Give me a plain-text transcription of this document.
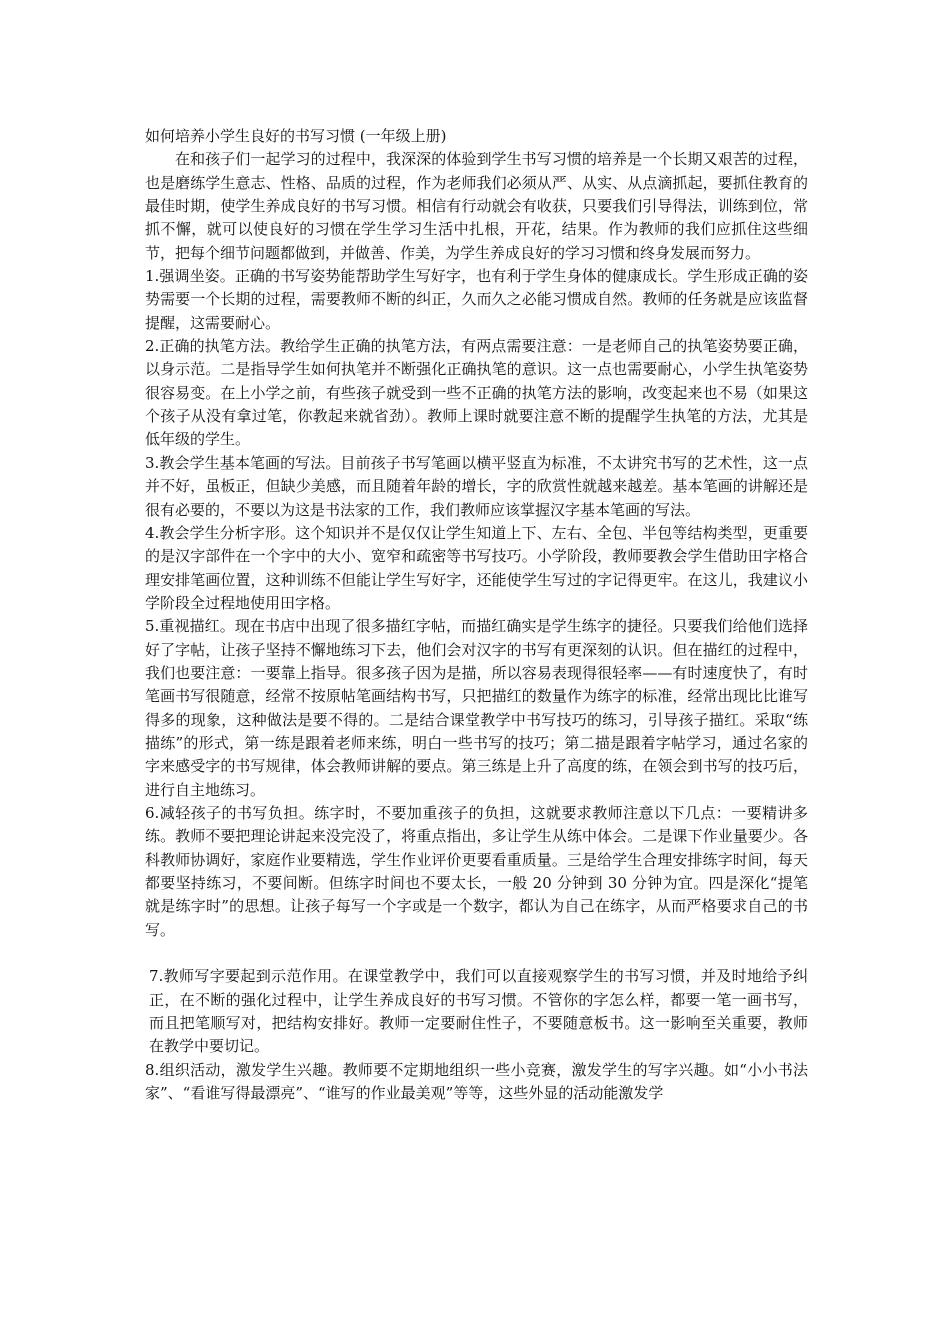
如何培养小学生良好的书写习惯 (一年级上册)

在和孩子们一起学习的过程中，我深深的体验到学生书写习惯的培养是一个长期又艰苦的过程，也是磨练学生意志、性格、品质的过程，作为老师我们必须从严、从实、从点滴抓起，要抓住教育的最佳时期，使学生养成良好的书写习惯。相信有行动就会有收获，只要我们引导得法，训练到位，常抓不懈，就可以使良好的习惯在学生学习生活中扎根，开花，结果。作为教师的我们应抓住这些细节，把每个细节问题都做到，并做善、作美，为学生养成良好的学习习惯和终身发展而努力。

1.强调坐姿。正确的书写姿势能帮助学生写好字，也有利于学生身体的健康成长。学生形成正确的姿势需要一个长期的过程，需要教师不断的纠正，久而久之必能习惯成自然。教师的任务就是应该监督提醒，这需要耐心。

2.正确的执笔方法。教给学生正确的执笔方法，有两点需要注意：一是老师自己的执笔姿势要正确，以身示范。二是指导学生如何执笔并不断强化正确执笔的意识。这一点也需要耐心，小学生执笔姿势很容易变。在上小学之前，有些孩子就受到一些不正确的执笔方法的影响，改变起来也不易（如果这个孩子从没有拿过笔，你教起来就省劲）。教师上课时就要注意不断的提醒学生执笔的方法，尤其是低年级的学生。

3.教会学生基本笔画的写法。目前孩子书写笔画以横平竖直为标准，不太讲究书写的艺术性，这一点并不好，虽板正，但缺少美感，而且随着年龄的增长，字的欣赏性就越来越差。基本笔画的讲解还是很有必要的，不要以为这是书法家的工作，我们教师应该掌握汉字基本笔画的写法。

4.教会学生分析字形。这个知识并不是仅仅让学生知道上下、左右、全包、半包等结构类型，更重要的是汉字部件在一个字中的大小、宽窄和疏密等书写技巧。小学阶段，教师要教会学生借助田字格合理安排笔画位置，这种训练不但能让学生写好字，还能使学生写过的字记得更牢。在这儿，我建议小学阶段全过程地使用田字格。

5.重视描红。现在书店中出现了很多描红字帖，而描红确实是学生练字的捷径。只要我们给他们选择好了字帖，让孩子坚持不懈地练习下去，他们会对汉字的书写有更深刻的认识。但在描红的过程中，我们也要注意：一要靠上指导。很多孩子因为是描，所以容易表现得很轻率——有时速度快了，有时笔画书写很随意，经常不按原帖笔画结构书写，只把描红的数量作为练字的标准，经常出现比比谁写得多的现象，这种做法是要不得的。二是结合课堂教学中书写技巧的练习，引导孩子描红。采取“练描练”的形式，第一练是跟着老师来练，明白一些书写的技巧；第二描是跟着字帖学习，通过名家的字来感受字的书写规律，体会教师讲解的要点。第三练是上升了高度的练，在领会到书写的技巧后，进行自主地练习。

6.减轻孩子的书写负担。练字时，不要加重孩子的负担，这就要求教师注意以下几点：一要精讲多练。教师不要把理论讲起来没完没了，将重点指出，多让学生从练中体会。二是课下作业量要少。各科教师协调好，家庭作业要精选，学生作业评价更要看重质量。三是给学生合理安排练字时间，每天都要坚持练习，不要间断。但练字时间也不要太长，一般 20 分钟到 30 分钟为宜。四是深化“提笔就是练字时”的思想。让孩子每写一个字或是一个数字，都认为自己在练字，从而严格要求自己的书写。

7.教师写字要起到示范作用。在课堂教学中，我们可以直接观察学生的书写习惯，并及时地给予纠正，在不断的强化过程中，让学生养成良好的书写习惯。不管你的字怎么样，都要一笔一画书写，而且把笔顺写对，把结构安排好。教师一定要耐住性子，不要随意板书。这一影响至关重要，教师在教学中要切记。

8.组织活动，激发学生兴趣。教师要不定期地组织一些小竞赛，激发学生的写字兴趣。如“小小书法家”、“看谁写得最漂亮”、“谁写的作业最美观”等等，这些外显的活动能激发学
